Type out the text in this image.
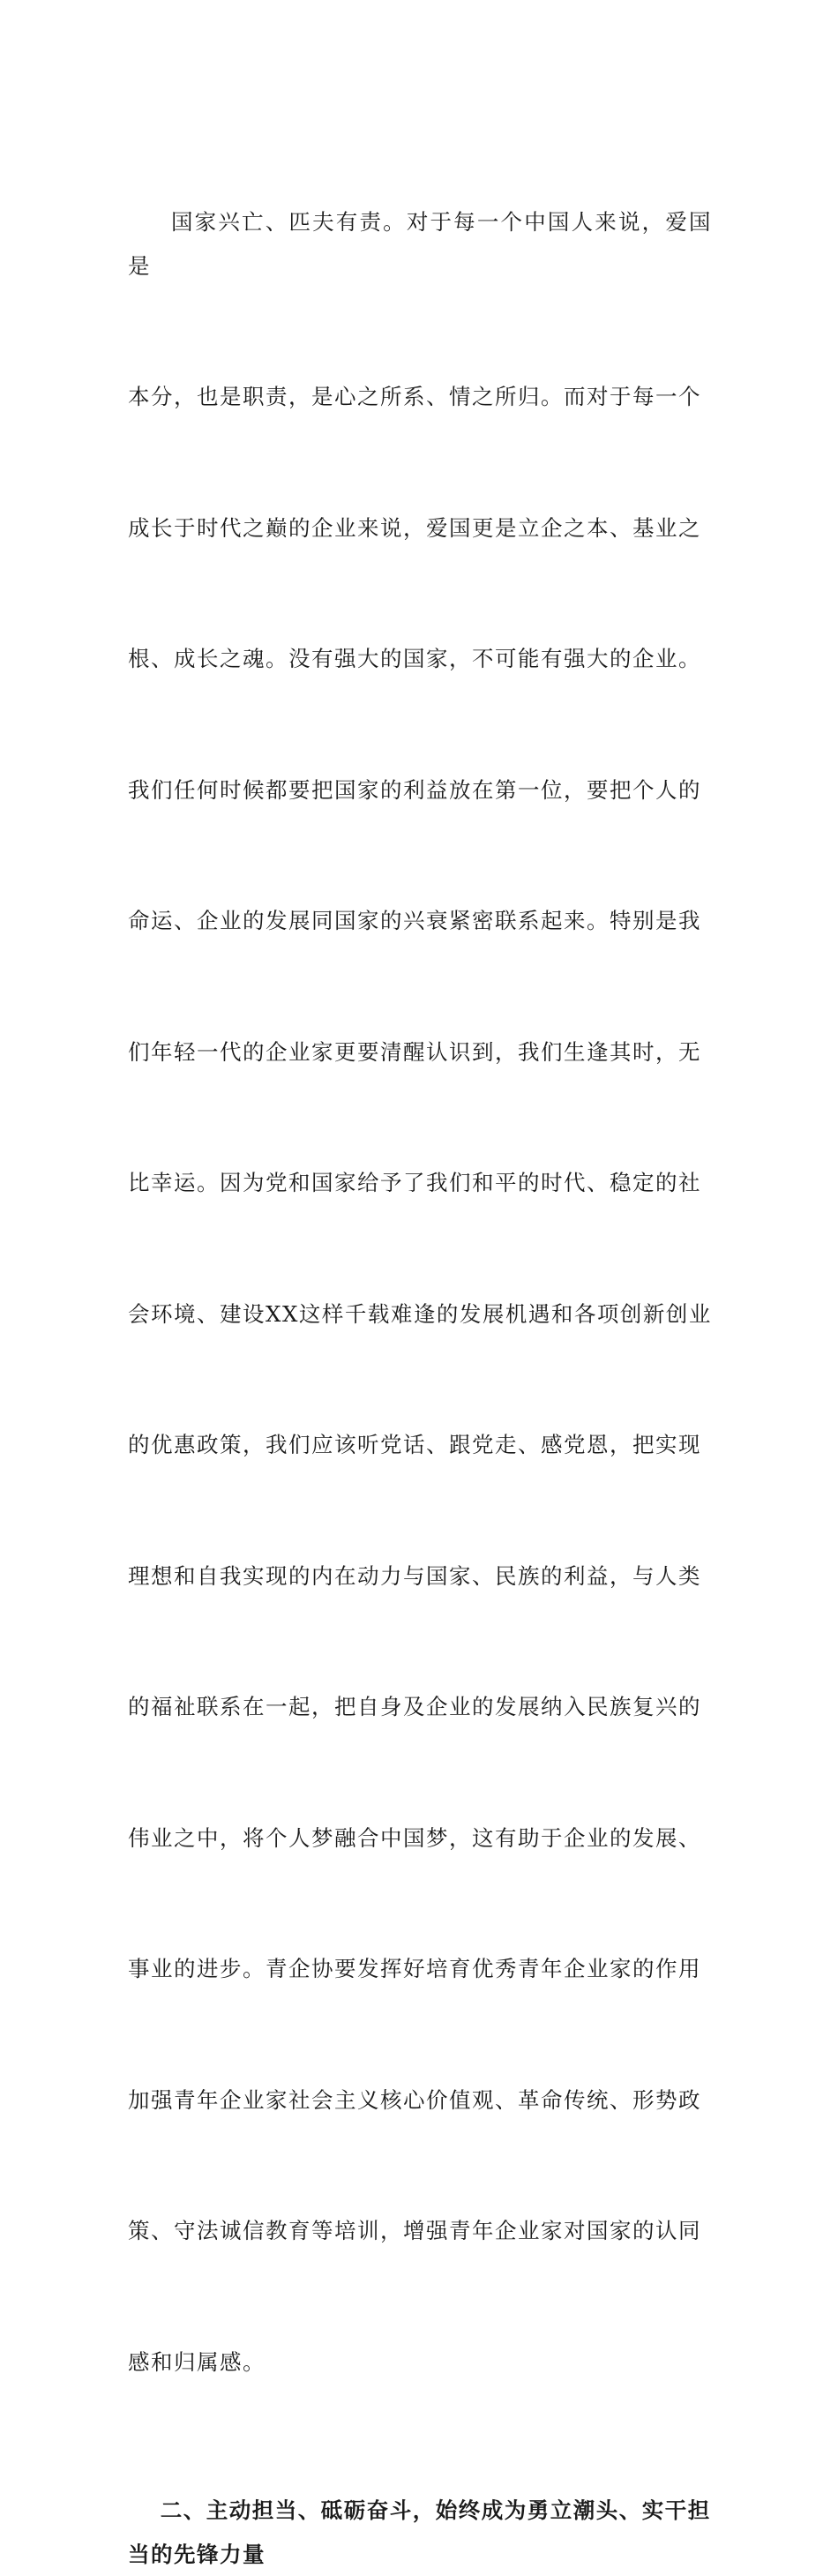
国家兴亡、匹夫有责。对于每一个中国人来说，爱国是

本分，也是职责，是心之所系、情之所归。而对于每一个

成长于时代之巅的企业来说，爱国更是立企之本、基业之

根、成长之魂。没有强大的国家，不可能有强大的企业。

我们任何时候都要把国家的利益放在第一位，要把个人的

命运、企业的发展同国家的兴衰紧密联系起来。特别是我

们年轻一代的企业家更要清醒认识到，我们生逢其时，无

比幸运。因为党和国家给予了我们和平的时代、稳定的社

会环境、建设XX这样千载难逢的发展机遇和各项创新创业

的优惠政策，我们应该听党话、跟党走、感党恩，把实现

理想和自我实现的内在动力与国家、民族的利益，与人类

的福祉联系在一起，把自身及企业的发展纳入民族复兴的

伟业之中，将个人梦融合中国梦，这有助于企业的发展、

事业的进步。青企协要发挥好培育优秀青年企业家的作用

加强青年企业家社会主义核心价值观、革命传统、形势政

策、守法诚信教育等培训，增强青年企业家对国家的认同

感和归属感。

二、主动担当、砥砺奋斗，始终成为勇立潮头、实干担
当的先锋力量
